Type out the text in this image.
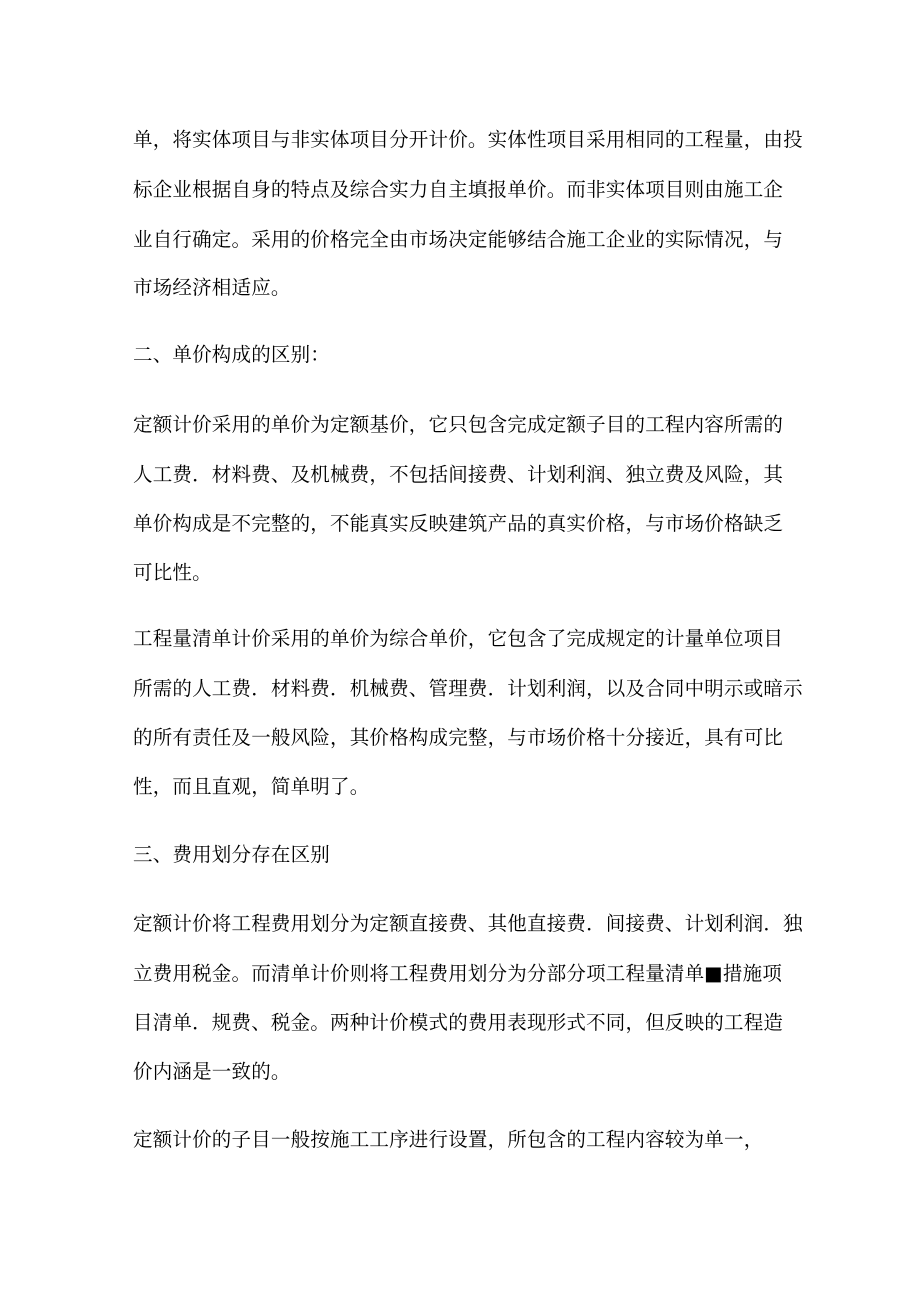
单，将实体项目与非实体项目分开计价。实体性项目采用相同的工程量，由投

标企业根据自身的特点及综合实力自主填报单价。而非实体项目则由施工企

业自行确定。采用的价格完全由市场决定能够结合施工企业的实际情况，与

市场经济相适应。

二、单价构成的区别：

定额计价采用的单价为定额基价，它只包含完成定额子目的工程内容所需的

人工费．材料费、及机械费，不包括间接费、计划利润、独立费及风险，其

单价构成是不完整的，不能真实反映建筑产品的真实价格，与市场价格缺乏

可比性。

工程量清单计价采用的单价为综合单价，它包含了完成规定的计量单位项目

所需的人工费．材料费．机械费、管理费．计划利润，以及合同中明示或暗示

的所有责任及一般风险，其价格构成完整，与市场价格十分接近，具有可比

性，而且直观，简单明了。

三、费用划分存在区别

定额计价将工程费用划分为定额直接费、其他直接费．间接费、计划利润．独

立费用税金。而清单计价则将工程费用划分为分部分项工程量清单■措施项

目清单．规费、税金。两种计价模式的费用表现形式不同，但反映的工程造

价内涵是一致的。

定额计价的子目一般按施工工序进行设置，所包含的工程内容较为单一，
